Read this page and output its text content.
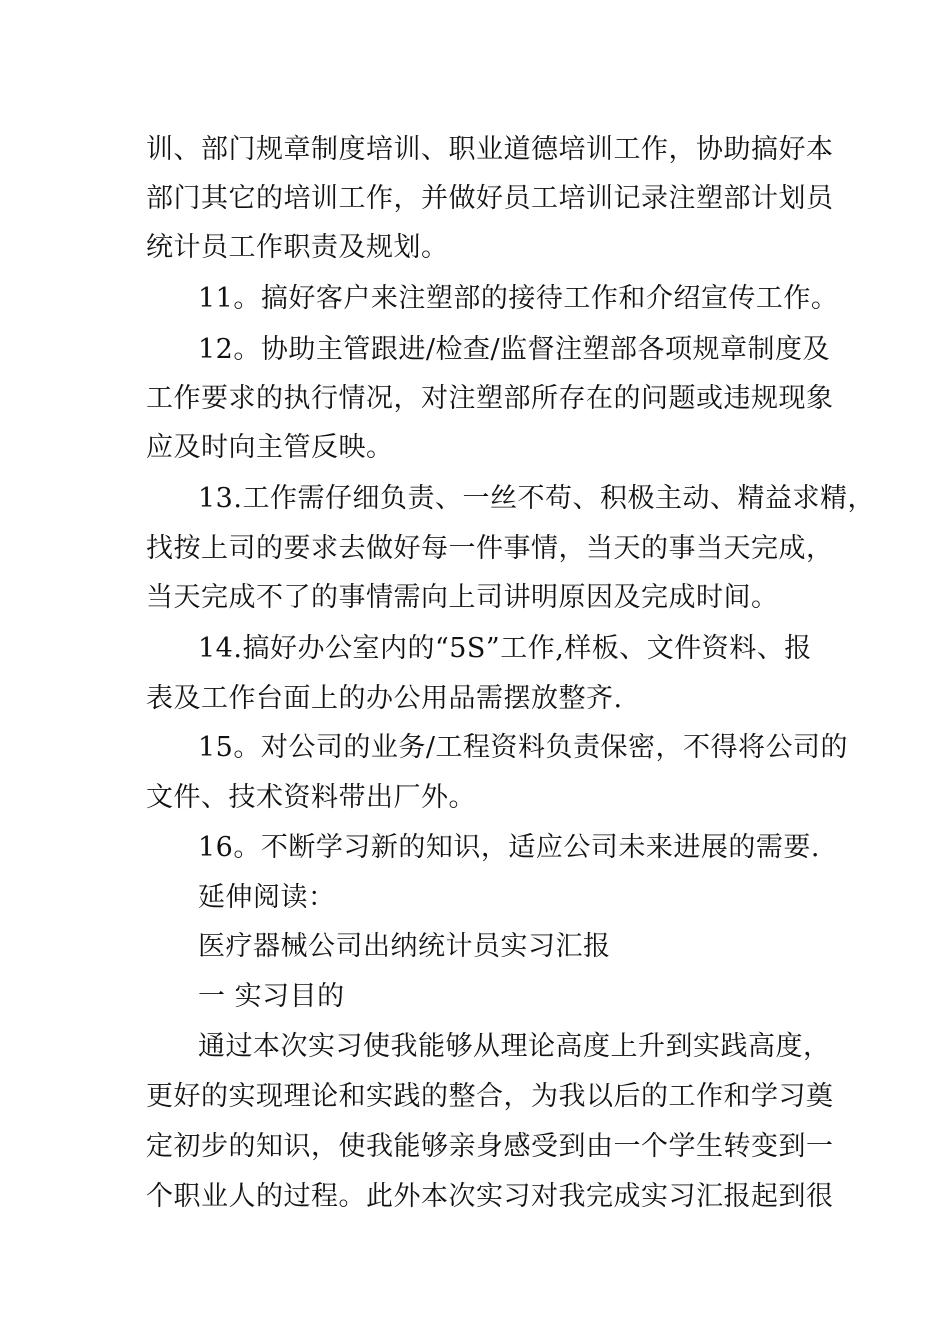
训、部门规章制度培训、职业道德培训工作，协助搞好本
部门其它的培训工作，并做好员工培训记录注塑部计划员
统计员工作职责及规划。
11。搞好客户来注塑部的接待工作和介绍宣传工作。
12。协助主管跟进/检查/监督注塑部各项规章制度及
工作要求的执行情况，对注塑部所存在的问题或违规现象
应及时向主管反映。
13.工作需仔细负责、一丝不苟、积极主动、精益求精，
找按上司的要求去做好每一件事情，当天的事当天完成，
当天完成不了的事情需向上司讲明原因及完成时间。
14.搞好办公室内的“5S”工作,样板、文件资料、报
表及工作台面上的办公用品需摆放整齐.
15。对公司的业务/工程资料负责保密，不得将公司的
文件、技术资料带出厂外。
16。不断学习新的知识，适应公司未来进展的需要.
延伸阅读：
医疗器械公司出纳统计员实习汇报
一 实习目的
通过本次实习使我能够从理论高度上升到实践高度，
更好的实现理论和实践的整合，为我以后的工作和学习奠
定初步的知识，使我能够亲身感受到由一个学生转变到一
个职业人的过程。此外本次实习对我完成实习汇报起到很
